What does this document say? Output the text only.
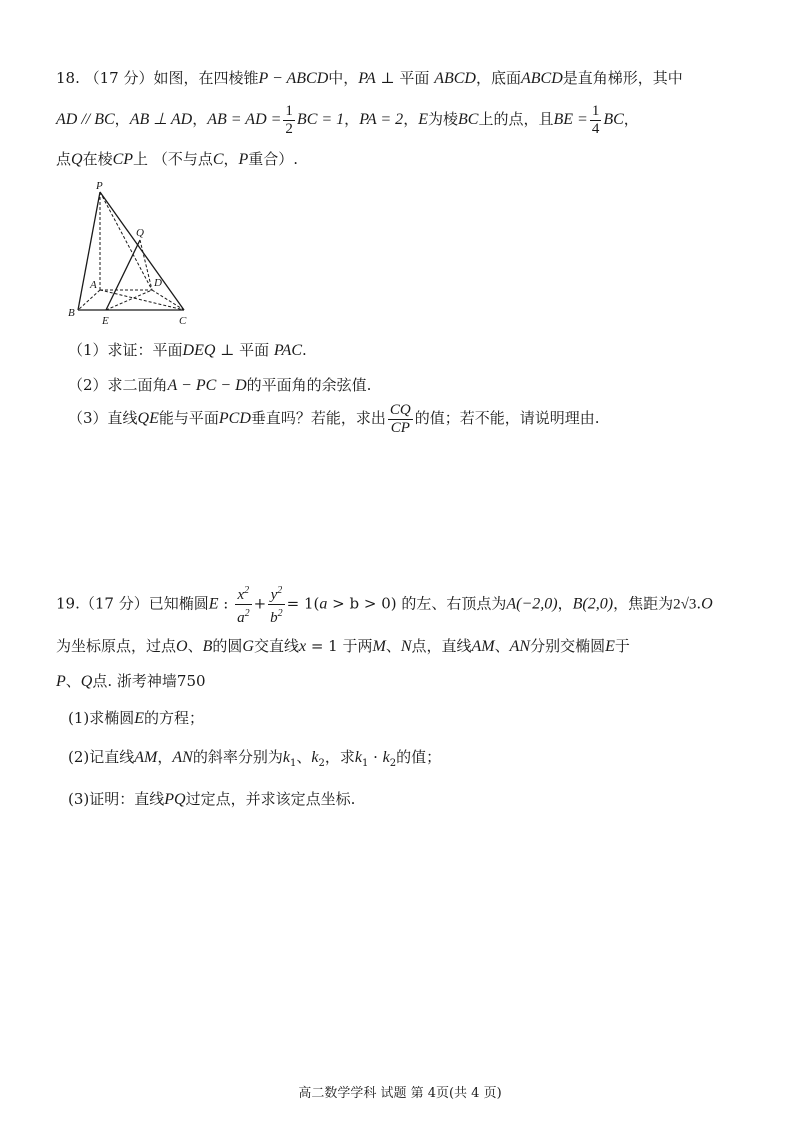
18. （17 分）如图，在四棱锥P − ABCD中，PA ⊥ 平面 ABCD，底面ABCD是直角梯形，其中
AD // BC，AB ⊥ AD，AB = AD = $\frac{1}{2}$ BC = 1，PA = 2，E为棱BC上的点，且BE = $\frac{1}{4}$ BC，
点Q在棱CP上 （不与点C，P重合）.
P
Q
A	D
B
E	C
（1）求证：平面DEQ ⊥ 平面 PAC.
（2）求二面角A − PC − D的平面角的余弦值.
（3）直线QE能与平面PCD垂直吗？若能，求出 $\frac{CQ}{CP}$ 的值；若不能，请说明理由.
19.（17 分）已知椭圆E : $\frac{x^2}{a^2} + \frac{y^2}{b^2} = 1(a > b > 0)$ 的左、右顶点为A(−2,0)，B(2,0)，焦距为2√3.O
为坐标原点，过点O、B的圆G交直线x = 1 于两M、N点，直线AM、AN分别交椭圆E于
P、Q点. 浙考神墙750
(1)求椭圆E的方程；
(2)记直线AM，AN的斜率分别为$k_1$、$k_2$，求$k_1 \cdot k_2$的值；
(3)证明：直线PQ过定点，并求该定点坐标.
高二数学学科 试题 第 4页(共 4 页)
